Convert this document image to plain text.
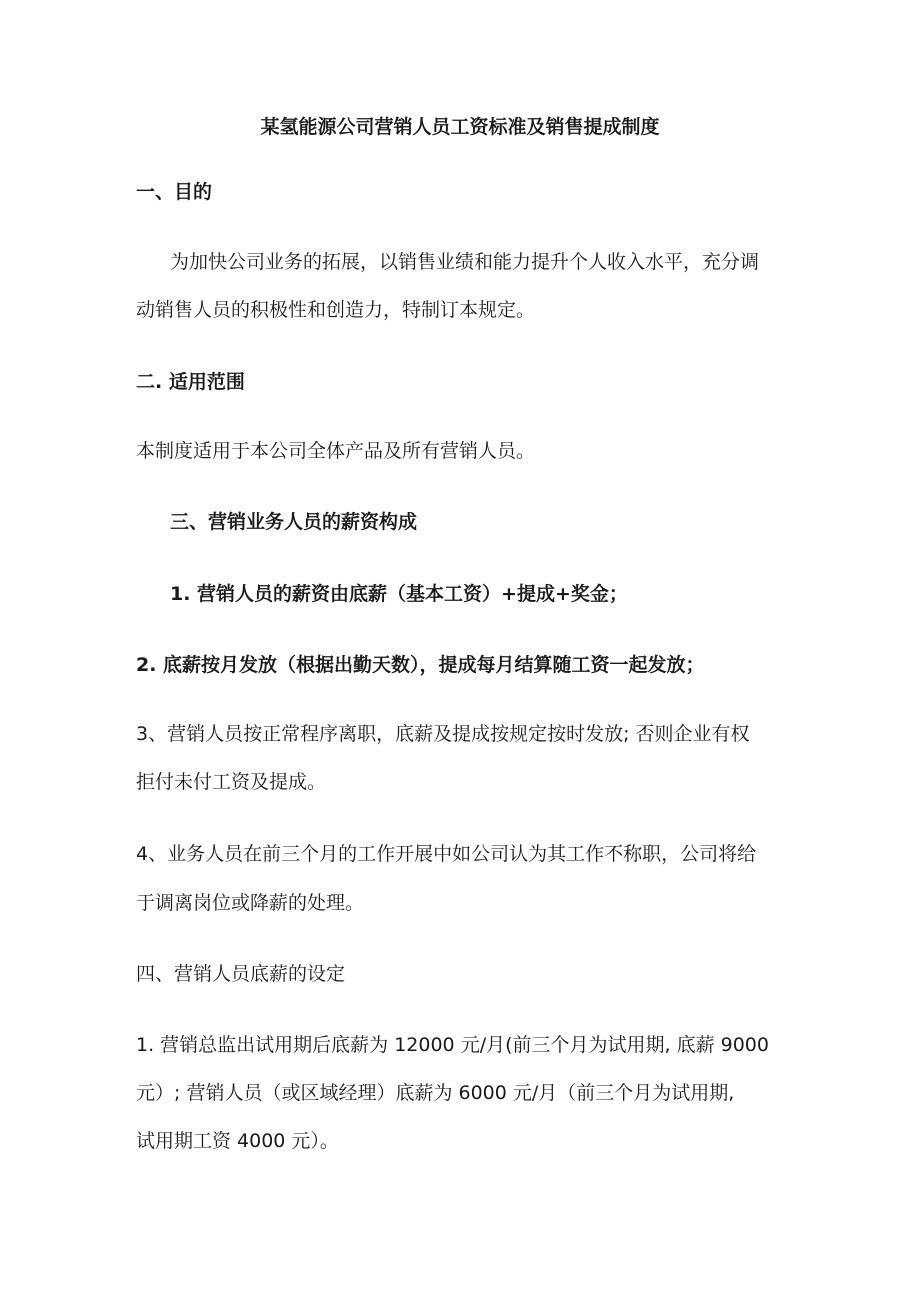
某氢能源公司营销人员工资标准及销售提成制度
一、目的
为加快公司业务的拓展，以销售业绩和能力提升个人收入水平，充分调
动销售人员的积极性和创造力，特制订本规定。
二. 适用范围
本制度适用于本公司全体产品及所有营销人员。
三、营销业务人员的薪资构成
1. 营销人员的薪资由底薪（基本工资）+提成+奖金；
2. 底薪按月发放（根据出勤天数），提成每月结算随工资一起发放；
3、营销人员按正常程序离职，底薪及提成按规定按时发放; 否则企业有权
拒付未付工资及提成。
4、业务人员在前三个月的工作开展中如公司认为其工作不称职，公司将给
于调离岗位或降薪的处理。
四、营销人员底薪的设定
1. 营销总监出试用期后底薪为 12000 元/月(前三个月为试用期, 底薪 9000
元）; 营销人员（或区域经理）底薪为 6000 元/月（前三个月为试用期,
试用期工资 4000 元）。
